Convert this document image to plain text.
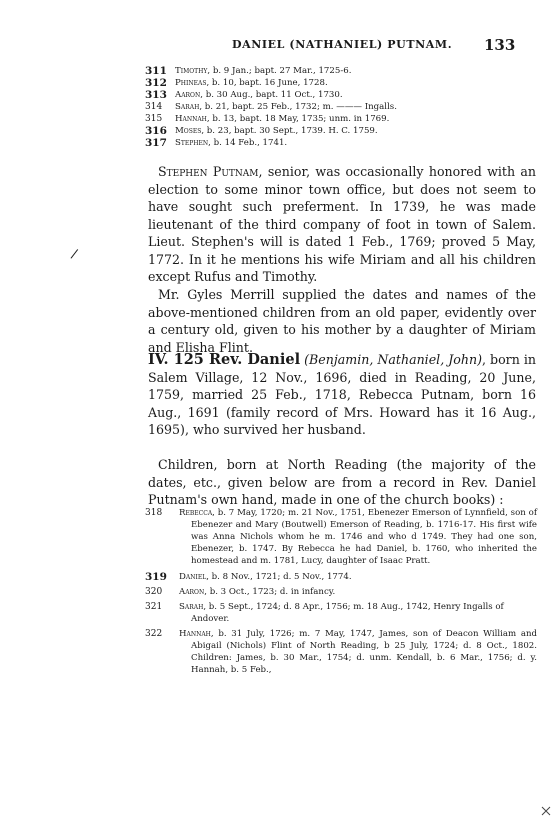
DANIEL (NATHANIEL) PUTNAM. 133
311 Timothy, b. 9 Jan.; bapt. 27 Mar., 1725-6.
312 Phineas, b. 10, bapt. 16 June, 1728.
313 Aaron, b. 30 Aug., bapt. 11 Oct., 1730.
314	Sarah, b. 21, bapt. 25 Feb., 1732; m. ——— Ingalls.
315	Hannah, b. 13, bapt. 18 May, 1735; unm. in 1769.
316 Moses, b. 23, bapt. 30 Sept., 1739. H. C. 1759.
317 Stephen, b. 14 Feb., 1741.
Stephen Putnam, senior, was occasionally honored with an election to some minor town office, but does not seem to have sought such preferment. In 1739, he was made lieutenant of the third company of foot in town of Salem. Lieut. Stephen's will is dated 1 Feb., 1769; proved 5 May, 1772. In it he mentions his wife Miriam and all his children except Rufus and Timothy.
/
Mr. Gyles Merrill supplied the dates and names of the above-mentioned children from an old paper, evidently over a century old, given to his mother by a daughter of Miriam and Elisha Flint.
IV. 125 Rev. Daniel (Benjamin, Nathaniel, John), born in Salem Village, 12 Nov., 1696, died in Reading, 20 June, 1759, married 25 Feb., 1718, Rebecca Putnam, born 16 Aug., 1691 (family record of Mrs. Howard has it 16 Aug., 1695), who survived her husband.
Children, born at North Reading (the majority of the dates, etc., given below are from a record in Rev. Daniel Putnam's own hand, made in one of the church books) :
318	Rebecca, b. 7 May, 1720; m. 21 Nov., 1751, Ebenezer Emerson of Lynnfield, son of Ebenezer and Mary (Boutwell) Emerson of Reading, b. 1716-17. His first wife was Anna Nichols whom he m. 1746 and who d 1749. They had one son, Ebenezer, b. 1747. By Rebecca he had Daniel, b. 1760, who inherited the homestead and m. 1781, Lucy, daughter of Isaac Pratt.
319	Daniel, b. 8 Nov., 1721; d. 5 Nov., 1774.
320	Aaron, b. 3 Oct., 1723; d. in infancy.
321	Sarah, b. 5 Sept., 1724; d. 8 Apr., 1756; m. 18 Aug., 1742, Henry Ingalls of Andover.
322	Hannah, b. 31 July, 1726; m. 7 May, 1747, James, son of Deacon William and Abigail (Nichols) Flint of North Reading, b 25 July, 1724; d. 8 Oct., 1802. Children: James, b. 30 Mar., 1754; d. unm. Kendall, b. 6 Mar., 1756; d. y. Hannah, b. 5 Feb.,
